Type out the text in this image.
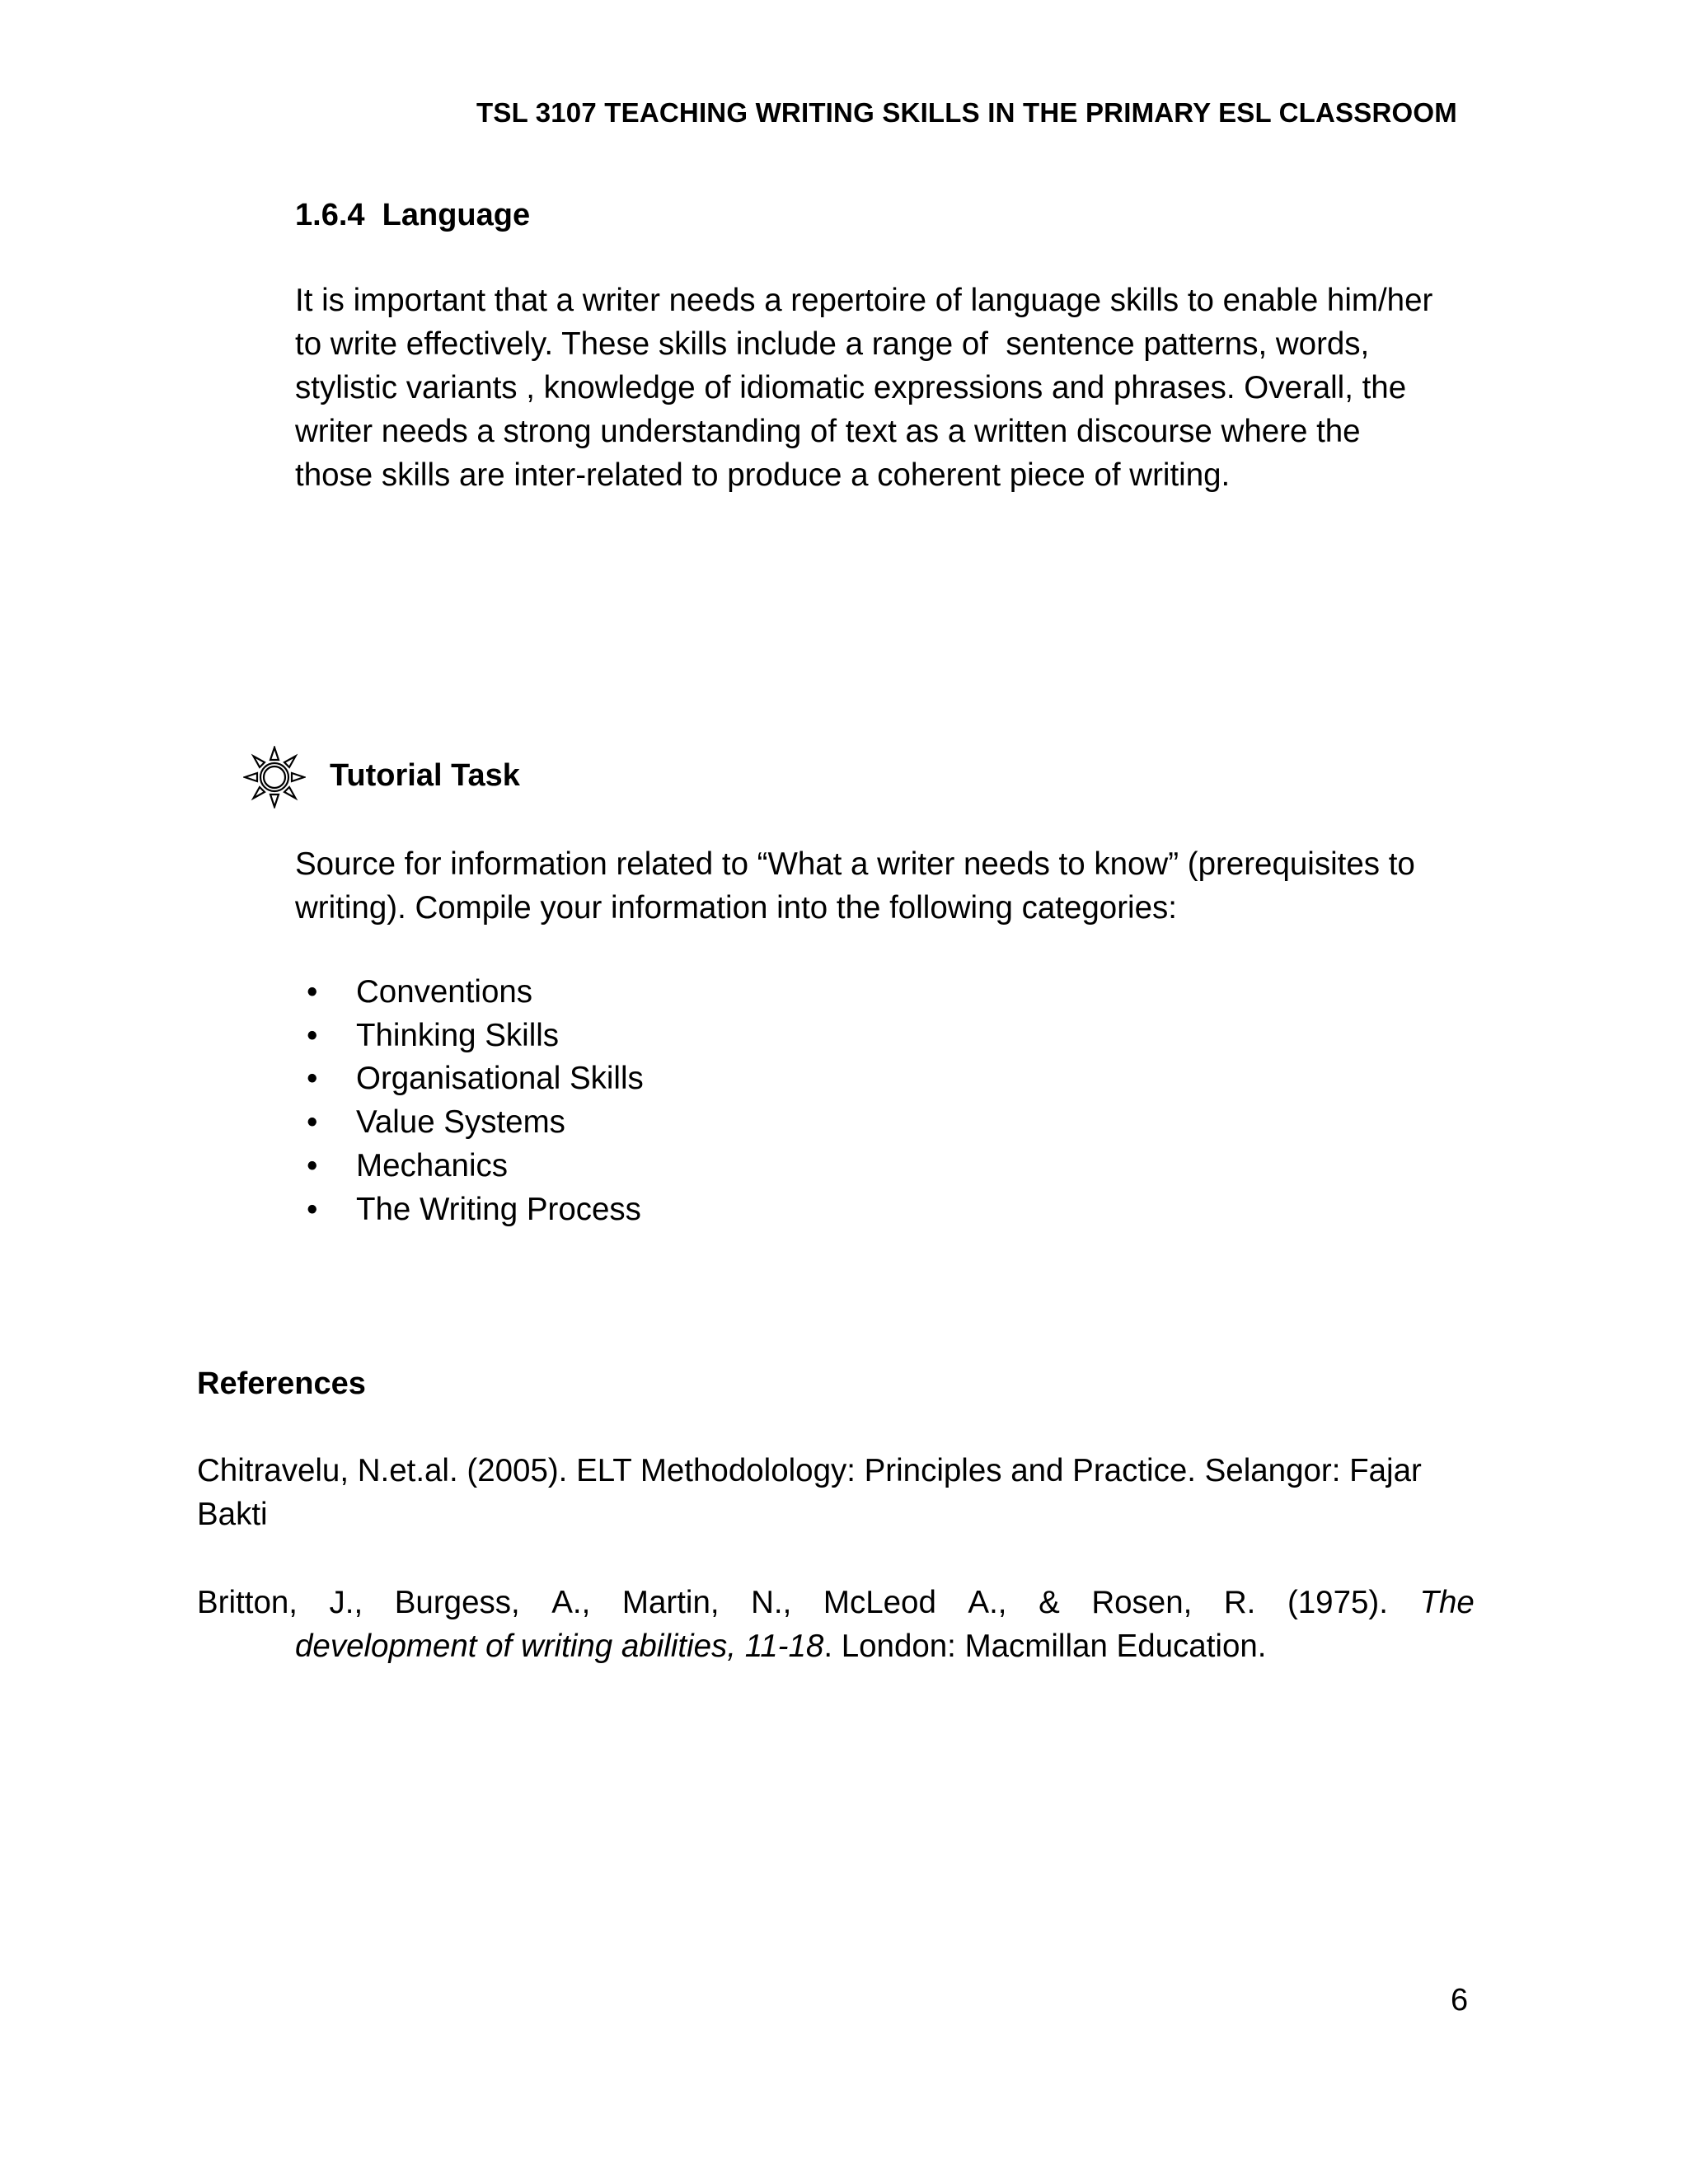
TSL 3107 TEACHING WRITING SKILLS IN THE PRIMARY ESL CLASSROOM
1.6.4  Language
It is important that a writer needs a repertoire of language skills to enable him/her
to write effectively. These skills include a range of  sentence patterns, words,
stylistic variants , knowledge of idiomatic expressions and phrases. Overall, the
writer needs a strong understanding of text as a written discourse where the
those skills are inter-related to produce a coherent piece of writing.
Tutorial Task
Source for information related to “What a writer needs to know” (prerequisites to
writing). Compile your information into the following categories:
• Conventions
• Thinking Skills
• Organisational Skills
• Value Systems
• Mechanics
• The Writing Process
References
Chitravelu, N.et.al. (2005). ELT Methodolology: Principles and Practice. Selangor: Fajar
Bakti
Britton, J., Burgess, A., Martin, N., McLeod A., & Rosen, R. (1975). The
development of writing abilities, 11-18. London: Macmillan Education.
6
